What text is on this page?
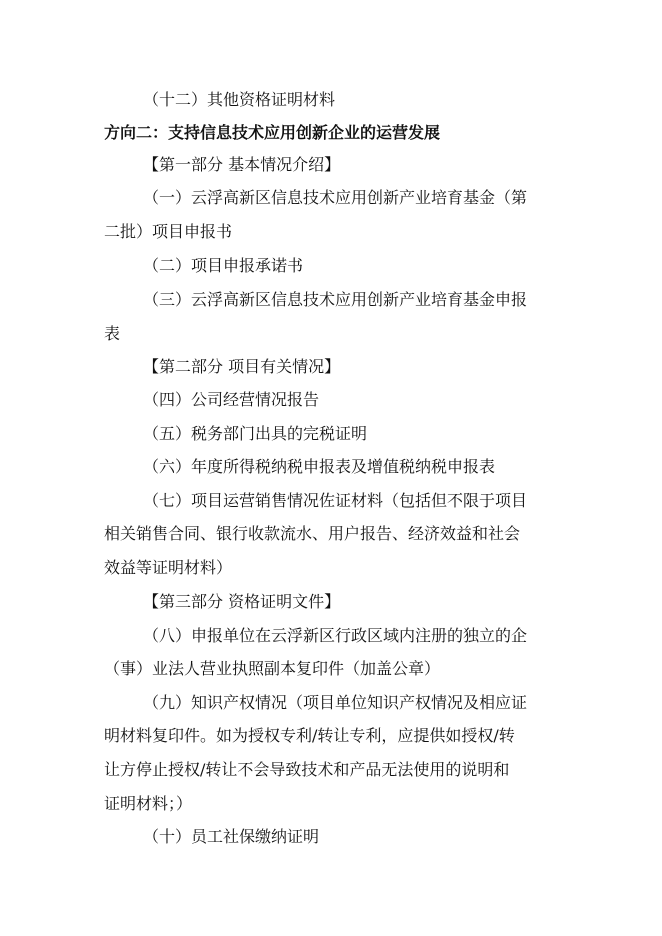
（十二）其他资格证明材料
方向二：支持信息技术应用创新企业的运营发展
【第一部分 基本情况介绍】
（一）云浮高新区信息技术应用创新产业培育基金（第
二批）项目申报书
（二）项目申报承诺书
（三）云浮高新区信息技术应用创新产业培育基金申报
表
【第二部分 项目有关情况】
（四）公司经营情况报告
（五）税务部门出具的完税证明
（六）年度所得税纳税申报表及增值税纳税申报表
（七）项目运营销售情况佐证材料（包括但不限于项目
相关销售合同、银行收款流水、用户报告、经济效益和社会
效益等证明材料）
【第三部分 资格证明文件】
（八）申报单位在云浮新区行政区域内注册的独立的企
（事）业法人营业执照副本复印件（加盖公章）
（九）知识产权情况（项目单位知识产权情况及相应证
明材料复印件。如为授权专利/转让专利，应提供如授权/转
让方停止授权/转让不会导致技术和产品无法使用的说明和
证明材料；）
（十）员工社保缴纳证明
